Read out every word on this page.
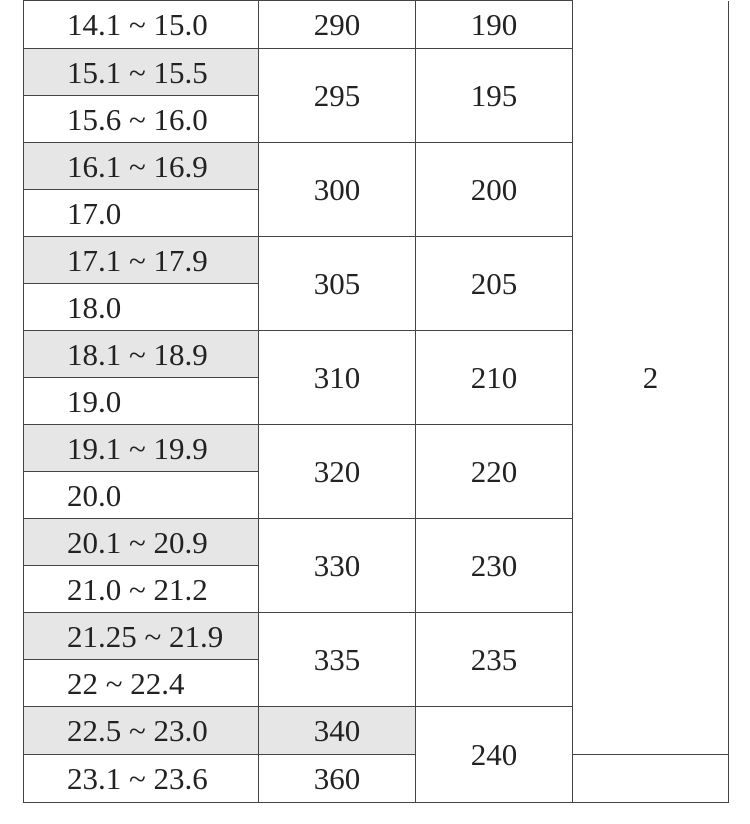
14.1 ~ 15.0	290	190	2
15.1 ~ 15.5	295	195	
15.6 ~ 16.0			
16.1 ~ 16.9	300	200	
17.0			
17.1 ~ 17.9	305	205	
18.0			
18.1 ~ 18.9	310	210	
19.0			
19.1 ~ 19.9	320	220	
20.0			
20.1 ~ 20.9	330	230	
21.0 ~ 21.2			
21.25 ~ 21.9	335	235	
22 ~ 22.4			
22.5 ~ 23.0	340	240	
23.1 ~ 23.6	360		
